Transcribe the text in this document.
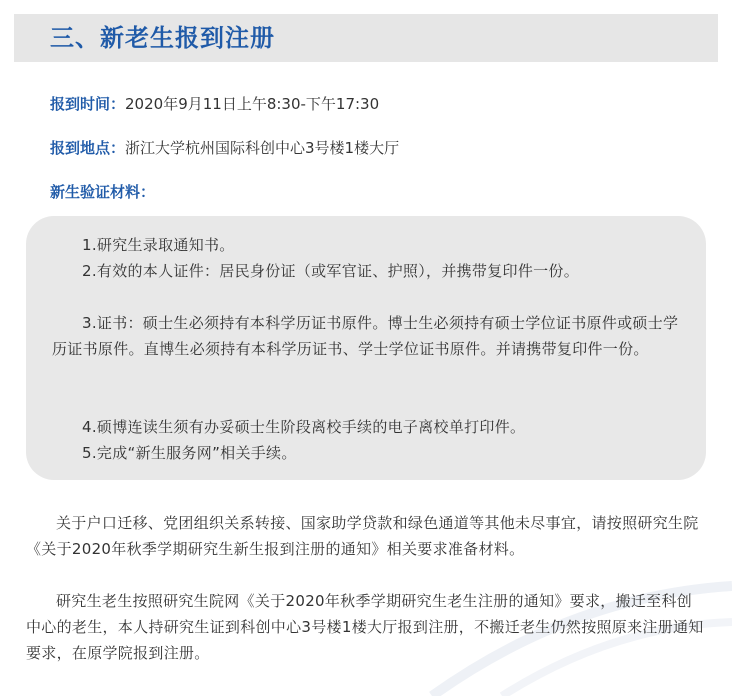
三、新老生报到注册
报到时间：2020年9月11日上午8:30-下午17:30
报到地点：浙江大学杭州国际科创中心3号楼1楼大厅
新生验证材料：

1.研究生录取通知书。

2.有效的本人证件：居民身份证（或军官证、护照），并携带复印件一份。

3.证书：硕士生必须持有本科学历证书原件。博士生必须持有硕士学位证书原件或硕士学历证书原件。直博生必须持有本科学历证书、学士学位证书原件。并请携带复印件一份。

4.硕博连读生须有办妥硕士生阶段离校手续的电子离校单打印件。

5.完成“新生服务网”相关手续。

关于户口迁移、党团组织关系转接、国家助学贷款和绿色通道等其他未尽事宜，请按照研究生院《关于2020年秋季学期研究生新生报到注册的通知》相关要求准备材料。

研究生老生按照研究生院网《关于2020年秋季学期研究生老生注册的通知》要求，搬迁至科创中心的老生，本人持研究生证到科创中心3号楼1楼大厅报到注册，不搬迁老生仍然按照原来注册通知要求，在原学院报到注册。
